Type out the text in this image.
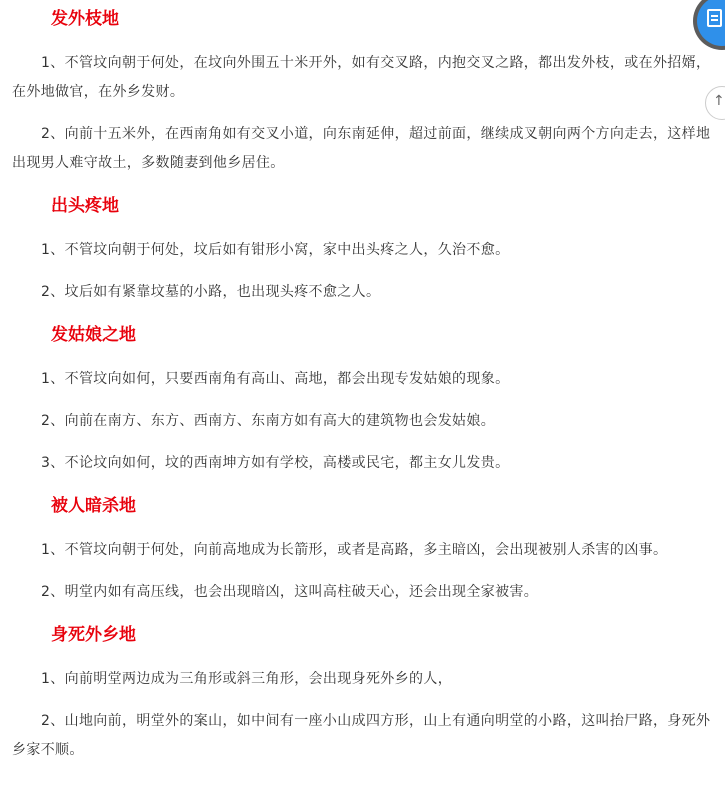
发外枝地

1、不管坟向朝于何处，在坟向外围五十米开外，如有交叉路，内抱交叉之路，都出发外枝，或在外招婿，在外地做官，在外乡发财。

2、向前十五米外，在西南角如有交叉小道，向东南延伸，超过前面，继续成叉朝向两个方向走去，这样地出现男人难守故土，多数随妻到他乡居住。

出头疼地

1、不管坟向朝于何处，坟后如有钳形小窝，家中出头疼之人，久治不愈。

2、坟后如有紧靠坟墓的小路，也出现头疼不愈之人。

发姑娘之地

1、不管坟向如何，只要西南角有高山、高地，都会出现专发姑娘的现象。

2、向前在南方、东方、西南方、东南方如有高大的建筑物也会发姑娘。

3、不论坟向如何，坟的西南坤方如有学校，高楼或民宅，都主女儿发贵。

被人暗杀地

1、不管坟向朝于何处，向前高地成为长箭形，或者是高路，多主暗凶，会出现被别人杀害的凶事。

2、明堂内如有高压线，也会出现暗凶，这叫高柱破天心，还会出现全家被害。

身死外乡地

1、向前明堂两边成为三角形或斜三角形，会出现身死外乡的人，

2、山地向前，明堂外的案山，如中间有一座小山成四方形，山上有通向明堂的小路，这叫抬尸路，身死外乡家不顺。

↑
